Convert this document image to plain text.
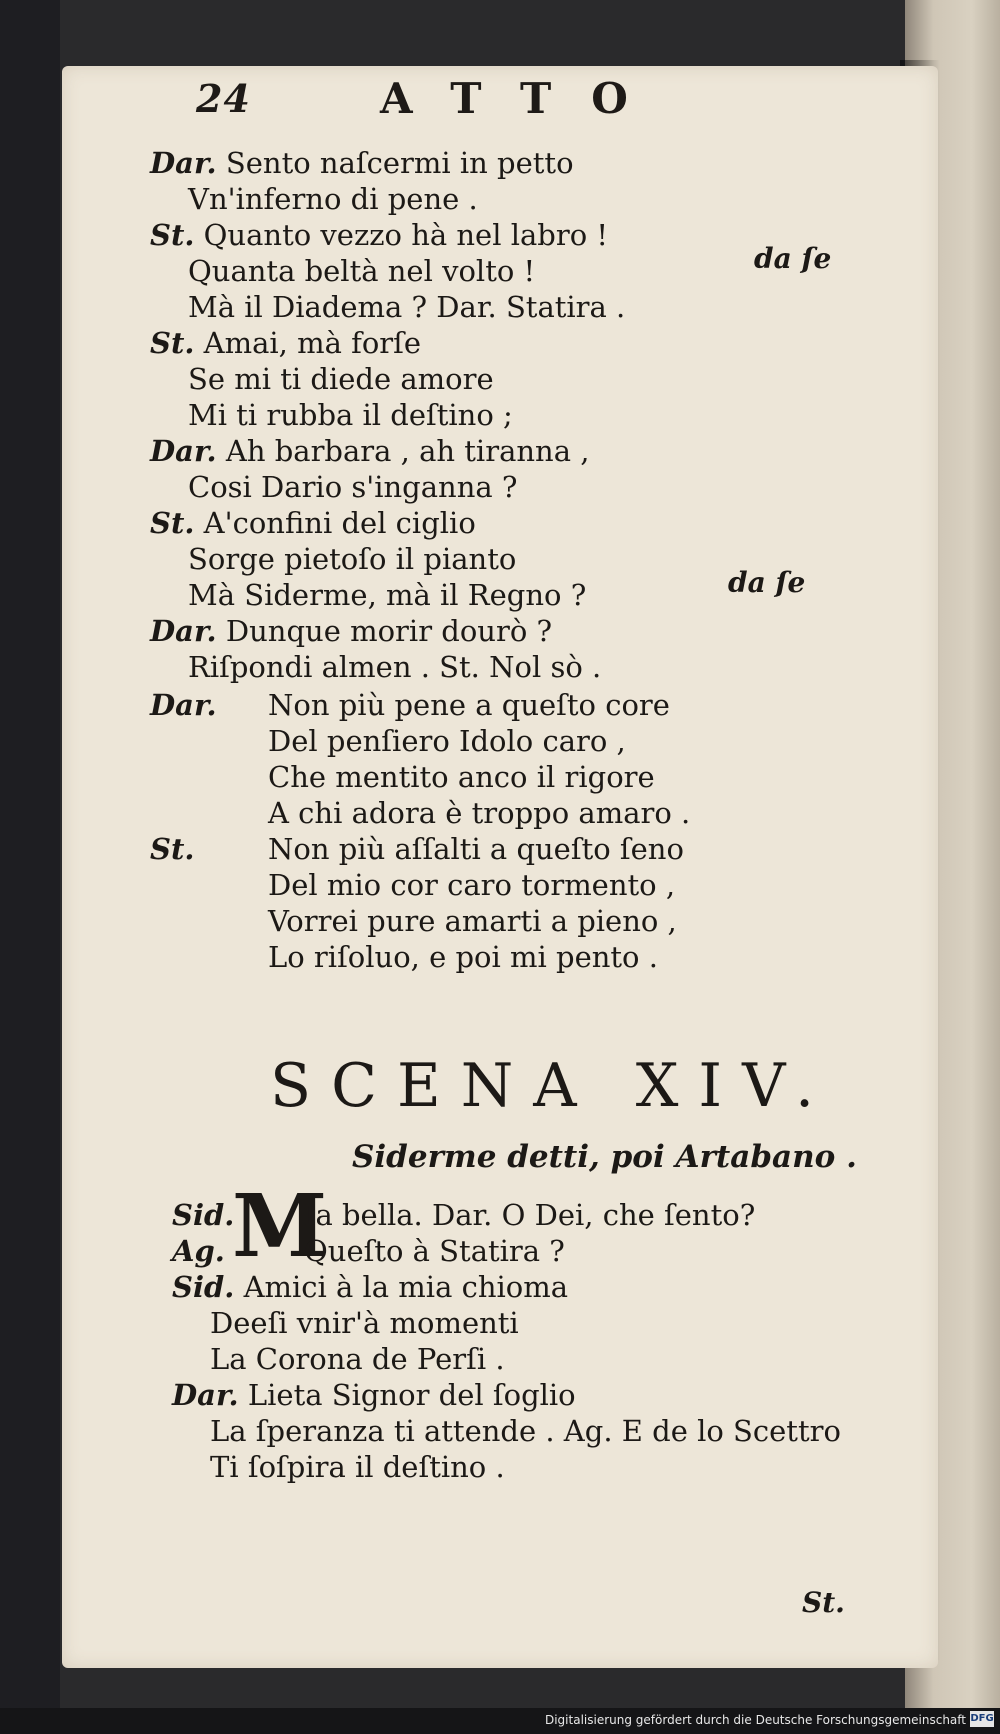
24	ATTO
Dar. Sento naſcermi in petto
Vn'inferno di pene .
St. Quanto vezzo hà nel labro !
Quanta beltà nel volto !
Mà il Diadema ? Dar. Statira .
St. Amai, mà forſe
Se mi ti diede amore
Mi ti rubba il deſtino ;
Dar. Ah barbara , ah tiranna ,
Cosi Dario s'inganna ?
St. A'confini del ciglio
Sorge pietoſo il pianto
Mà Siderme, mà il Regno ?
Dar. Dunque morir dourò ?
Riſpondi almen . St. Nol sò .
da ſe
da ſe
Dar. Non più pene a queſto core
Del penſiero Idolo caro ,
Che mentito anco il rigore
A chi adora è troppo amaro .
St.	Non più aſſalti a queſto ſeno
Del mio cor caro tormento ,
Vorrei pure amarti a pieno ,
Lo riſoluo, e poi mi pento .
SCENA XIV.
Siderme detti, poi Artabano .
M
Sid. Ia bella. Dar. O Dei, che ſento?
Ag.	Queſto à Statira ?
Sid. Amici à la mia chioma
Deeſi vnir'à momenti
La Corona de Perſi .
Dar. Lieta Signor del ſoglio
La ſperanza ti attende . Ag. E de lo Scettro
Ti ſoſpira il deſtino .
St.
Digitalisierung gefördert durch die Deutsche Forschungsgemeinschaft DFG
